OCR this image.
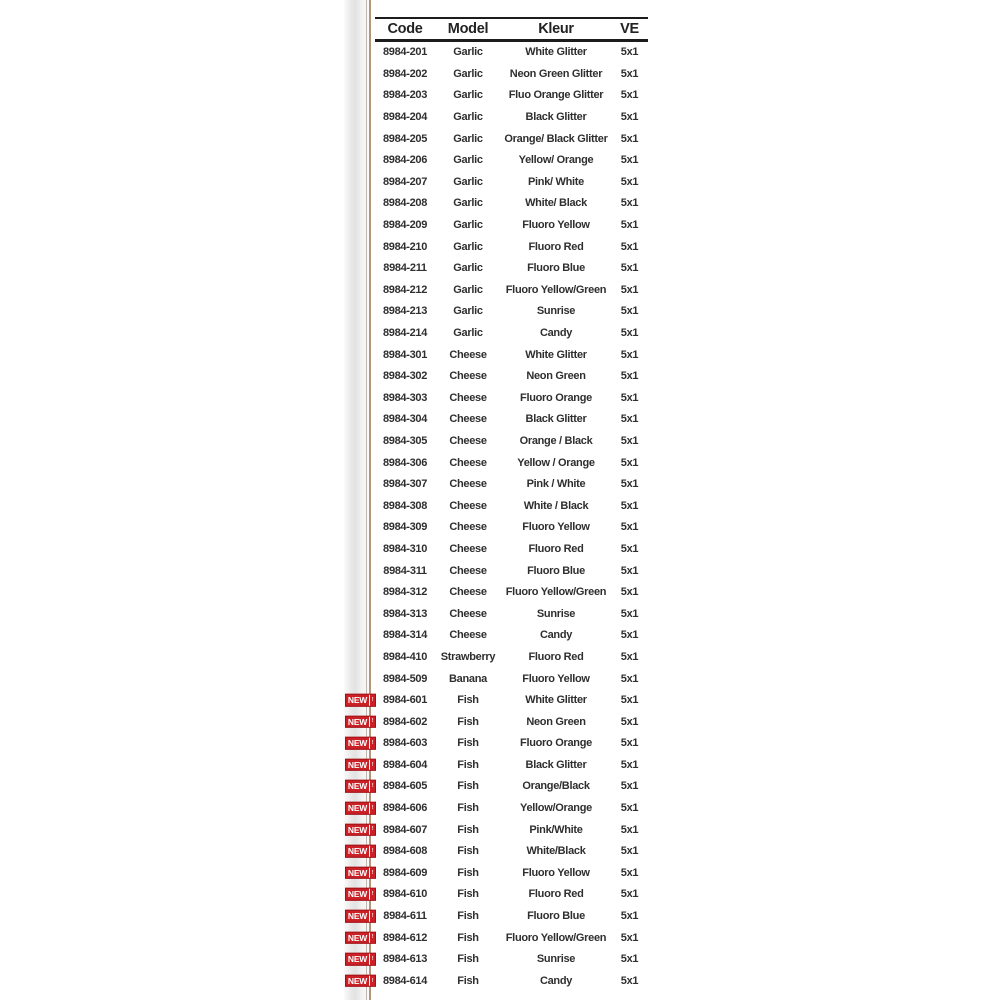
Code	Model	Kleur	VE
8984-201	Garlic	White Glitter	5x1
8984-202	Garlic	Neon Green Glitter	5x1
8984-203	Garlic	Fluo Orange Glitter	5x1
8984-204	Garlic	Black Glitter	5x1
8984-205	Garlic	Orange/ Black Glitter	5x1
8984-206	Garlic	Yellow/ Orange	5x1
8984-207	Garlic	Pink/ White	5x1
8984-208	Garlic	White/ Black	5x1
8984-209	Garlic	Fluoro Yellow	5x1
8984-210	Garlic	Fluoro Red	5x1
8984-211	Garlic	Fluoro Blue	5x1
8984-212	Garlic	Fluoro Yellow/Green	5x1
8984-213	Garlic	Sunrise	5x1
8984-214	Garlic	Candy	5x1
8984-301	Cheese	White Glitter	5x1
8984-302	Cheese	Neon Green	5x1
8984-303	Cheese	Fluoro Orange	5x1
8984-304	Cheese	Black Glitter	5x1
8984-305	Cheese	Orange / Black	5x1
8984-306	Cheese	Yellow / Orange	5x1
8984-307	Cheese	Pink / White	5x1
8984-308	Cheese	White / Black	5x1
8984-309	Cheese	Fluoro Yellow	5x1
8984-310	Cheese	Fluoro Red	5x1
8984-311	Cheese	Fluoro Blue	5x1
8984-312	Cheese	Fluoro Yellow/Green	5x1
8984-313	Cheese	Sunrise	5x1
8984-314	Cheese	Candy	5x1
8984-410	Strawberry	Fluoro Red	5x1
8984-509	Banana	Fluoro Yellow	5x1
NEW ! 8984-601	Fish	White Glitter	5x1
NEW ! 8984-602	Fish	Neon Green	5x1
NEW ! 8984-603	Fish	Fluoro Orange	5x1
NEW ! 8984-604	Fish	Black Glitter	5x1
NEW ! 8984-605	Fish	Orange/Black	5x1
NEW ! 8984-606	Fish	Yellow/Orange	5x1
NEW ! 8984-607	Fish	Pink/White	5x1
NEW ! 8984-608	Fish	White/Black	5x1
NEW ! 8984-609	Fish	Fluoro Yellow	5x1
NEW ! 8984-610	Fish	Fluoro Red	5x1
NEW ! 8984-611	Fish	Fluoro Blue	5x1
NEW ! 8984-612	Fish	Fluoro Yellow/Green	5x1
NEW ! 8984-613	Fish	Sunrise	5x1
NEW ! 8984-614	Fish	Candy	5x1
